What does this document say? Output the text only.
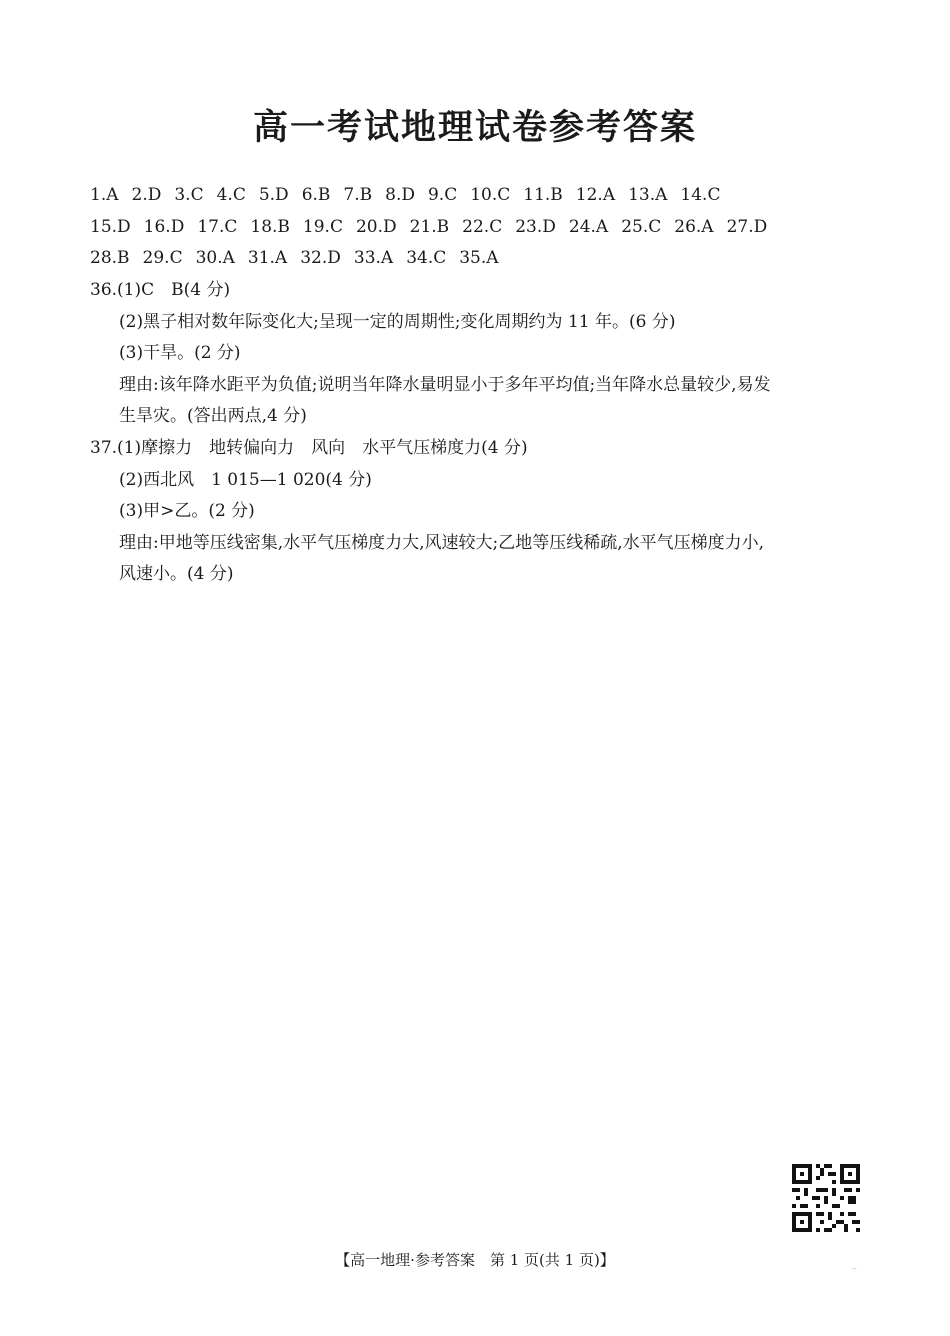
高一考试地理试卷参考答案
1.A 2.D 3.C 4.C 5.D 6.B 7.B 8.D 9.C 10.C 11.B 12.A 13.A 14.C
15.D 16.D 17.C 18.B 19.C 20.D 21.B 22.C 23.D 24.A 25.C 26.A 27.D
28.B 29.C 30.A 31.A 32.D 33.A 34.C 35.A
36.(1)C　B(4 分)
(2)黑子相对数年际变化大;呈现一定的周期性;变化周期约为 11 年。(6 分)
(3)干旱。(2 分)
理由:该年降水距平为负值;说明当年降水量明显小于多年平均值;当年降水总量较少,易发
生旱灾。(答出两点,4 分)
37.(1)摩擦力　地转偏向力　风向　水平气压梯度力(4 分)
(2)西北风　1 015—1 020(4 分)
(3)甲>乙。(2 分)
理由:甲地等压线密集,水平气压梯度力大,风速较大;乙地等压线稀疏,水平气压梯度力小,
风速小。(4 分)
【高一地理·参考答案　第 1 页(共 1 页)】	..
